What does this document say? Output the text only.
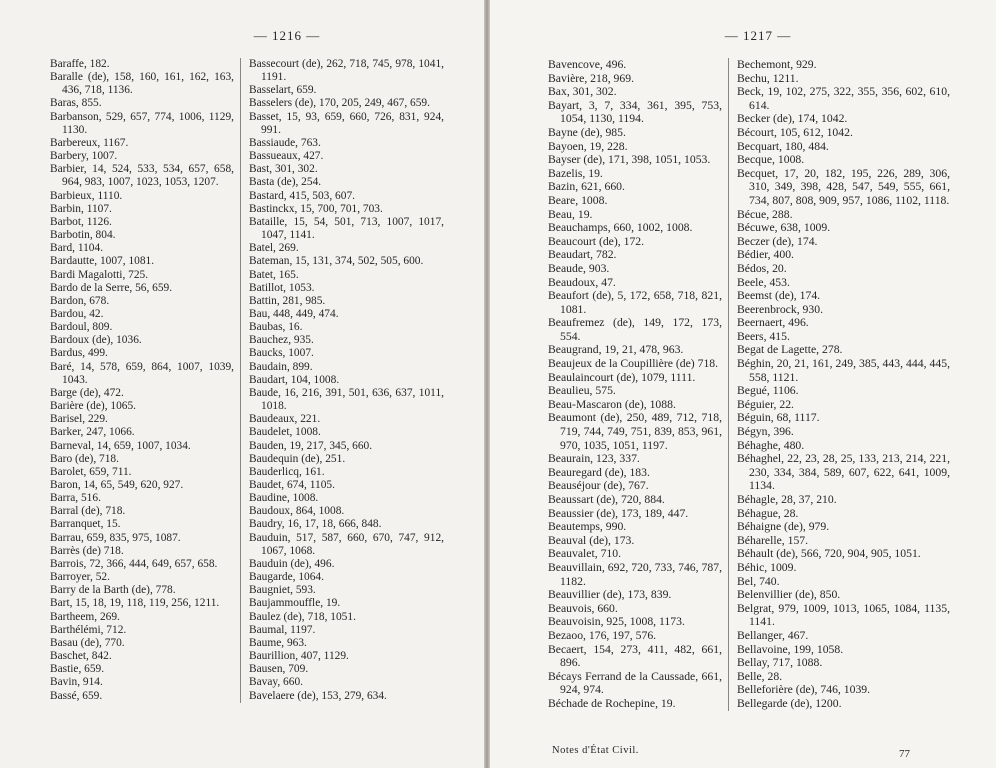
— 1216 —
Baraffe, 182.
Baralle (de), 158, 160, 161, 162, 163, 436, 718, 1136.
Baras, 855.
Barbanson, 529, 657, 774, 1006, 1129, 1130.
Barbereux, 1167.
Barbery, 1007.
Barbier, 14, 524, 533, 534, 657, 658, 964, 983, 1007, 1023, 1053, 1207.
Barbieux, 1110.
Barbin, 1107.
Barbot, 1126.
Barbotin, 804.
Bard, 1104.
Bardautte, 1007, 1081.
Bardi Magalotti, 725.
Bardo de la Serre, 56, 659.
Bardon, 678.
Bardou, 42.
Bardoul, 809.
Bardoux (de), 1036.
Bardus, 499.
Baré, 14, 578, 659, 864, 1007, 1039, 1043.
Barge (de), 472.
Barière (de), 1065.
Barisel, 229.
Barker, 247, 1066.
Barneval, 14, 659, 1007, 1034.
Baro (de), 718.
Barolet, 659, 711.
Baron, 14, 65, 549, 620, 927.
Barra, 516.
Barral (de), 718.
Barranquet, 15.
Barrau, 659, 835, 975, 1087.
Barrès (de) 718.
Barrois, 72, 366, 444, 649, 657, 658.
Barroyer, 52.
Barry de la Barth (de), 778.
Bart, 15, 18, 19, 118, 119, 256, 1211.
Bartheem, 269.
Barthélémi, 712.
Basau (de), 770.
Baschet, 842.
Bastie, 659.
Bavin, 914.
Bassé, 659.
Bassecourt (de), 262, 718, 745, 978, 1041, 1191.
Basselart, 659.
Basselers (de), 170, 205, 249, 467, 659.
Basset, 15, 93, 659, 660, 726, 831, 924, 991.
Bassiaude, 763.
Bassueaux, 427.
Bast, 301, 302.
Basta (de), 254.
Bastard, 415, 503, 607.
Bastinckx, 15, 700, 701, 703.
Bataille, 15, 54, 501, 713, 1007, 1017, 1047, 1141.
Batel, 269.
Bateman, 15, 131, 374, 502, 505, 600.
Batet, 165.
Batillot, 1053.
Battin, 281, 985.
Bau, 448, 449, 474.
Baubas, 16.
Bauchez, 935.
Baucks, 1007.
Baudain, 899.
Baudart, 104, 1008.
Baude, 16, 216, 391, 501, 636, 637, 1011, 1018.
Baudeaux, 221.
Baudelet, 1008.
Bauden, 19, 217, 345, 660.
Baudequin (de), 251.
Bauderlicq, 161.
Baudet, 674, 1105.
Baudine, 1008.
Baudoux, 864, 1008.
Baudry, 16, 17, 18, 666, 848.
Bauduin, 517, 587, 660, 670, 747, 912, 1067, 1068.
Bauduin (de), 496.
Baugarde, 1064.
Baugniet, 593.
Baujammouffle, 19.
Baulez (de), 718, 1051.
Baumal, 1197.
Baume, 963.
Baurillion, 407, 1129.
Bausen, 709.
Bavay, 660.
Bavelaere (de), 153, 279, 634.
— 1217 —
Bavencove, 496.
Bavière, 218, 969.
Bax, 301, 302.
Bayart, 3, 7, 334, 361, 395, 753, 1054, 1130, 1194.
Bayne (de), 985.
Bayoen, 19, 228.
Bayser (de), 171, 398, 1051, 1053.
Bazelis, 19.
Bazin, 621, 660.
Beare, 1008.
Beau, 19.
Beauchamps, 660, 1002, 1008.
Beaucourt (de), 172.
Beaudart, 782.
Beaude, 903.
Beaudoux, 47.
Beaufort (de), 5, 172, 658, 718, 821, 1081.
Beaufremez (de), 149, 172, 173, 554.
Beaugrand, 19, 21, 478, 963.
Beaujeux de la Coupillière (de) 718.
Beaulaincourt (de), 1079, 1111.
Beaulieu, 575.
Beau-Mascaron (de), 1088.
Beaumont (de), 250, 489, 712, 718, 719, 744, 749, 751, 839, 853, 961, 970, 1035, 1051, 1197.
Beaurain, 123, 337.
Beauregard (de), 183.
Beauséjour (de), 767.
Beaussart (de), 720, 884.
Beaussier (de), 173, 189, 447.
Beautemps, 990.
Beauval (de), 173.
Beauvalet, 710.
Beauvillain, 692, 720, 733, 746, 787, 1182.
Beauvillier (de), 173, 839.
Beauvois, 660.
Beauvoisin, 925, 1008, 1173.
Bezaoo, 176, 197, 576.
Becaert, 154, 273, 411, 482, 661, 896.
Bécays Ferrand de la Caussade, 661, 924, 974.
Béchade de Rochepine, 19.
Bechemont, 929.
Bechu, 1211.
Beck, 19, 102, 275, 322, 355, 356, 602, 610, 614.
Becker (de), 174, 1042.
Bécourt, 105, 612, 1042.
Becquart, 180, 484.
Becque, 1008.
Becquet, 17, 20, 182, 195, 226, 289, 306, 310, 349, 398, 428, 547, 549, 555, 661, 734, 807, 808, 909, 957, 1086, 1102, 1118.
Bécue, 288.
Bécuwe, 638, 1009.
Beczer (de), 174.
Bédier, 400.
Bédos, 20.
Beele, 453.
Beemst (de), 174.
Beerenbrock, 930.
Beernaert, 496.
Beers, 415.
Begat de Lagette, 278.
Béghin, 20, 21, 161, 249, 385, 443, 444, 445, 558, 1121.
Begué, 1106.
Béguier, 22.
Béguin, 68, 1117.
Bégyn, 396.
Béhaghe, 480.
Béhaghel, 22, 23, 28, 25, 133, 213, 214, 221, 230, 334, 384, 589, 607, 622, 641, 1009, 1134.
Béhagle, 28, 37, 210.
Béhague, 28.
Béhaigne (de), 979.
Béharelle, 157.
Béhault (de), 566, 720, 904, 905, 1051.
Béhic, 1009.
Bel, 740.
Belenvillier (de), 850.
Belgrat, 979, 1009, 1013, 1065, 1084, 1135, 1141.
Bellanger, 467.
Bellavoine, 199, 1058.
Bellay, 717, 1088.
Belle, 28.
Belleforière (de), 746, 1039.
Bellegarde (de), 1200.
Notes d'État Civil.	77
